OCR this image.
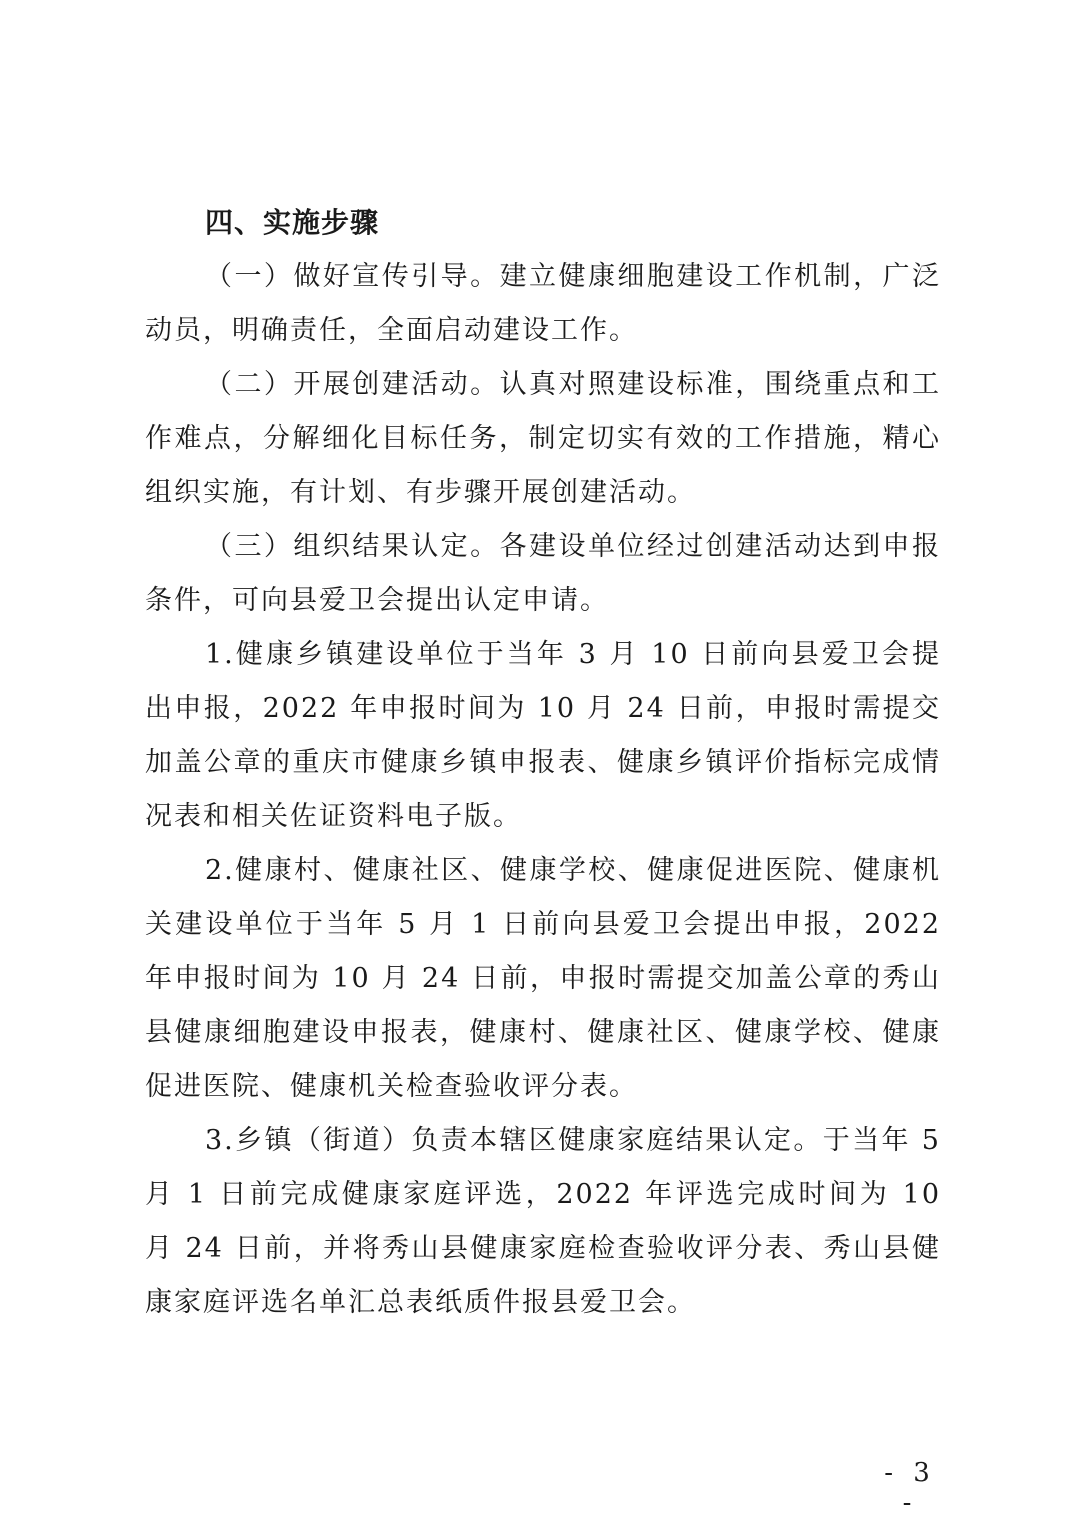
四、实施步骤

（一）做好宣传引导。建立健康细胞建设工作机制，广泛动员，明确责任，全面启动建设工作。

（二）开展创建活动。认真对照建设标准，围绕重点和工作难点，分解细化目标任务，制定切实有效的工作措施，精心组织实施，有计划、有步骤开展创建活动。

（三）组织结果认定。各建设单位经过创建活动达到申报条件，可向县爱卫会提出认定申请。

1.健康乡镇建设单位于当年 3 月 10 日前向县爱卫会提出申报，2022 年申报时间为 10 月 24 日前，申报时需提交加盖公章的重庆市健康乡镇申报表、健康乡镇评价指标完成情况表和相关佐证资料电子版。

2.健康村、健康社区、健康学校、健康促进医院、健康机关建设单位于当年 5 月 1 日前向县爱卫会提出申报，2022 年申报时间为 10 月 24 日前，申报时需提交加盖公章的秀山县健康细胞建设申报表，健康村、健康社区、健康学校、健康促进医院、健康机关检查验收评分表。

3.乡镇（街道）负责本辖区健康家庭结果认定。于当年 5 月 1 日前完成健康家庭评选，2022 年评选完成时间为 10 月 24 日前，并将秀山县健康家庭检查验收评分表、秀山县健康家庭评选名单汇总表纸质件报县爱卫会。

- 3 -
